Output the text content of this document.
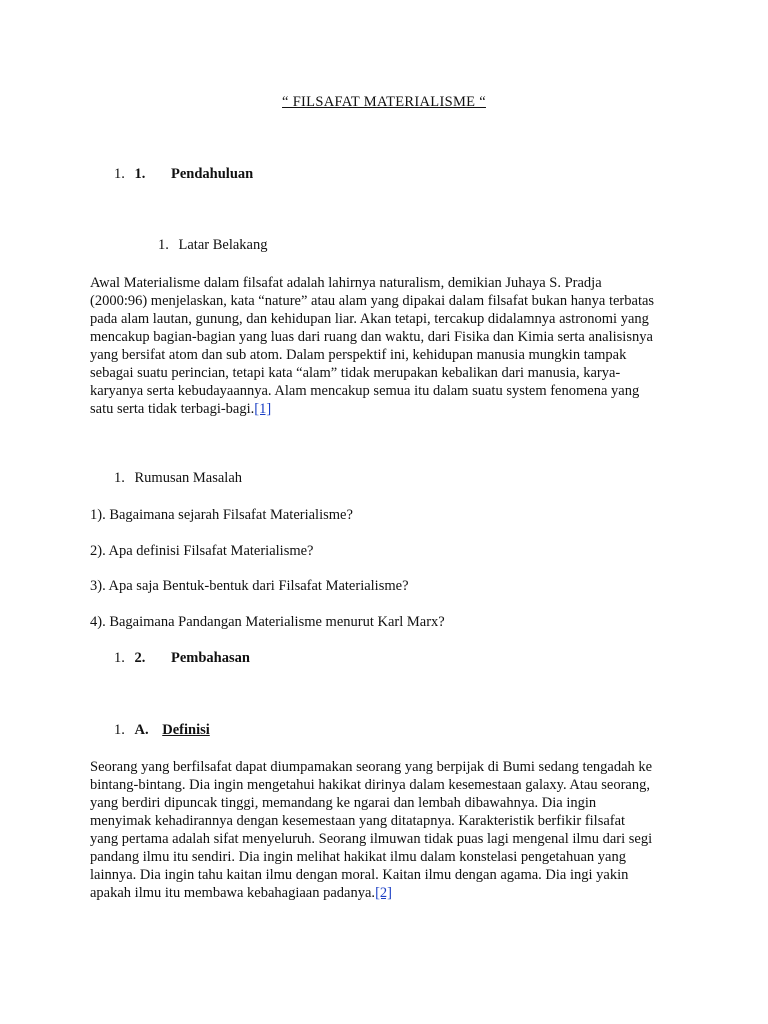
“ FILSAFAT MATERIALISME “
1. 1. Pendahuluan
1. Latar Belakang
Awal Materialisme dalam filsafat adalah lahirnya naturalism, demikian Juhaya S. Pradja
(2000:96) menjelaskan, kata “nature” atau alam yang dipakai dalam filsafat bukan hanya terbatas
pada alam lautan, gunung, dan kehidupan liar. Akan tetapi, tercakup didalamnya astronomi yang
mencakup bagian-bagian yang luas dari ruang dan waktu, dari Fisika dan Kimia serta analisisnya
yang bersifat atom dan sub atom. Dalam perspektif ini, kehidupan manusia mungkin tampak
sebagai suatu perincian, tetapi kata “alam” tidak merupakan kebalikan dari manusia, karya-
karyanya serta kebudayaannya. Alam mencakup semua itu dalam suatu system fenomena yang
satu serta tidak terbagi-bagi.[1]
1. Rumusan Masalah
1). Bagaimana sejarah Filsafat Materialisme?
2). Apa definisi Filsafat Materialisme?
3). Apa saja Bentuk-bentuk dari Filsafat Materialisme?
4). Bagaimana Pandangan Materialisme menurut Karl Marx?
1. 2. Pembahasan
1. A. Definisi
Seorang yang berfilsafat dapat diumpamakan seorang yang berpijak di Bumi sedang tengadah ke
bintang-bintang. Dia ingin mengetahui hakikat dirinya dalam kesemestaan galaxy. Atau seorang,
yang berdiri dipuncak tinggi, memandang ke ngarai dan lembah dibawahnya. Dia ingin
menyimak kehadirannya dengan kesemestaan yang ditatapnya. Karakteristik berfikir filsafat
yang pertama adalah sifat menyeluruh. Seorang ilmuwan tidak puas lagi mengenal ilmu dari segi
pandang ilmu itu sendiri. Dia ingin melihat hakikat ilmu dalam konstelasi pengetahuan yang
lainnya. Dia ingin tahu kaitan ilmu dengan moral. Kaitan ilmu dengan agama. Dia ingi yakin
apakah ilmu itu membawa kebahagiaan padanya.[2]
